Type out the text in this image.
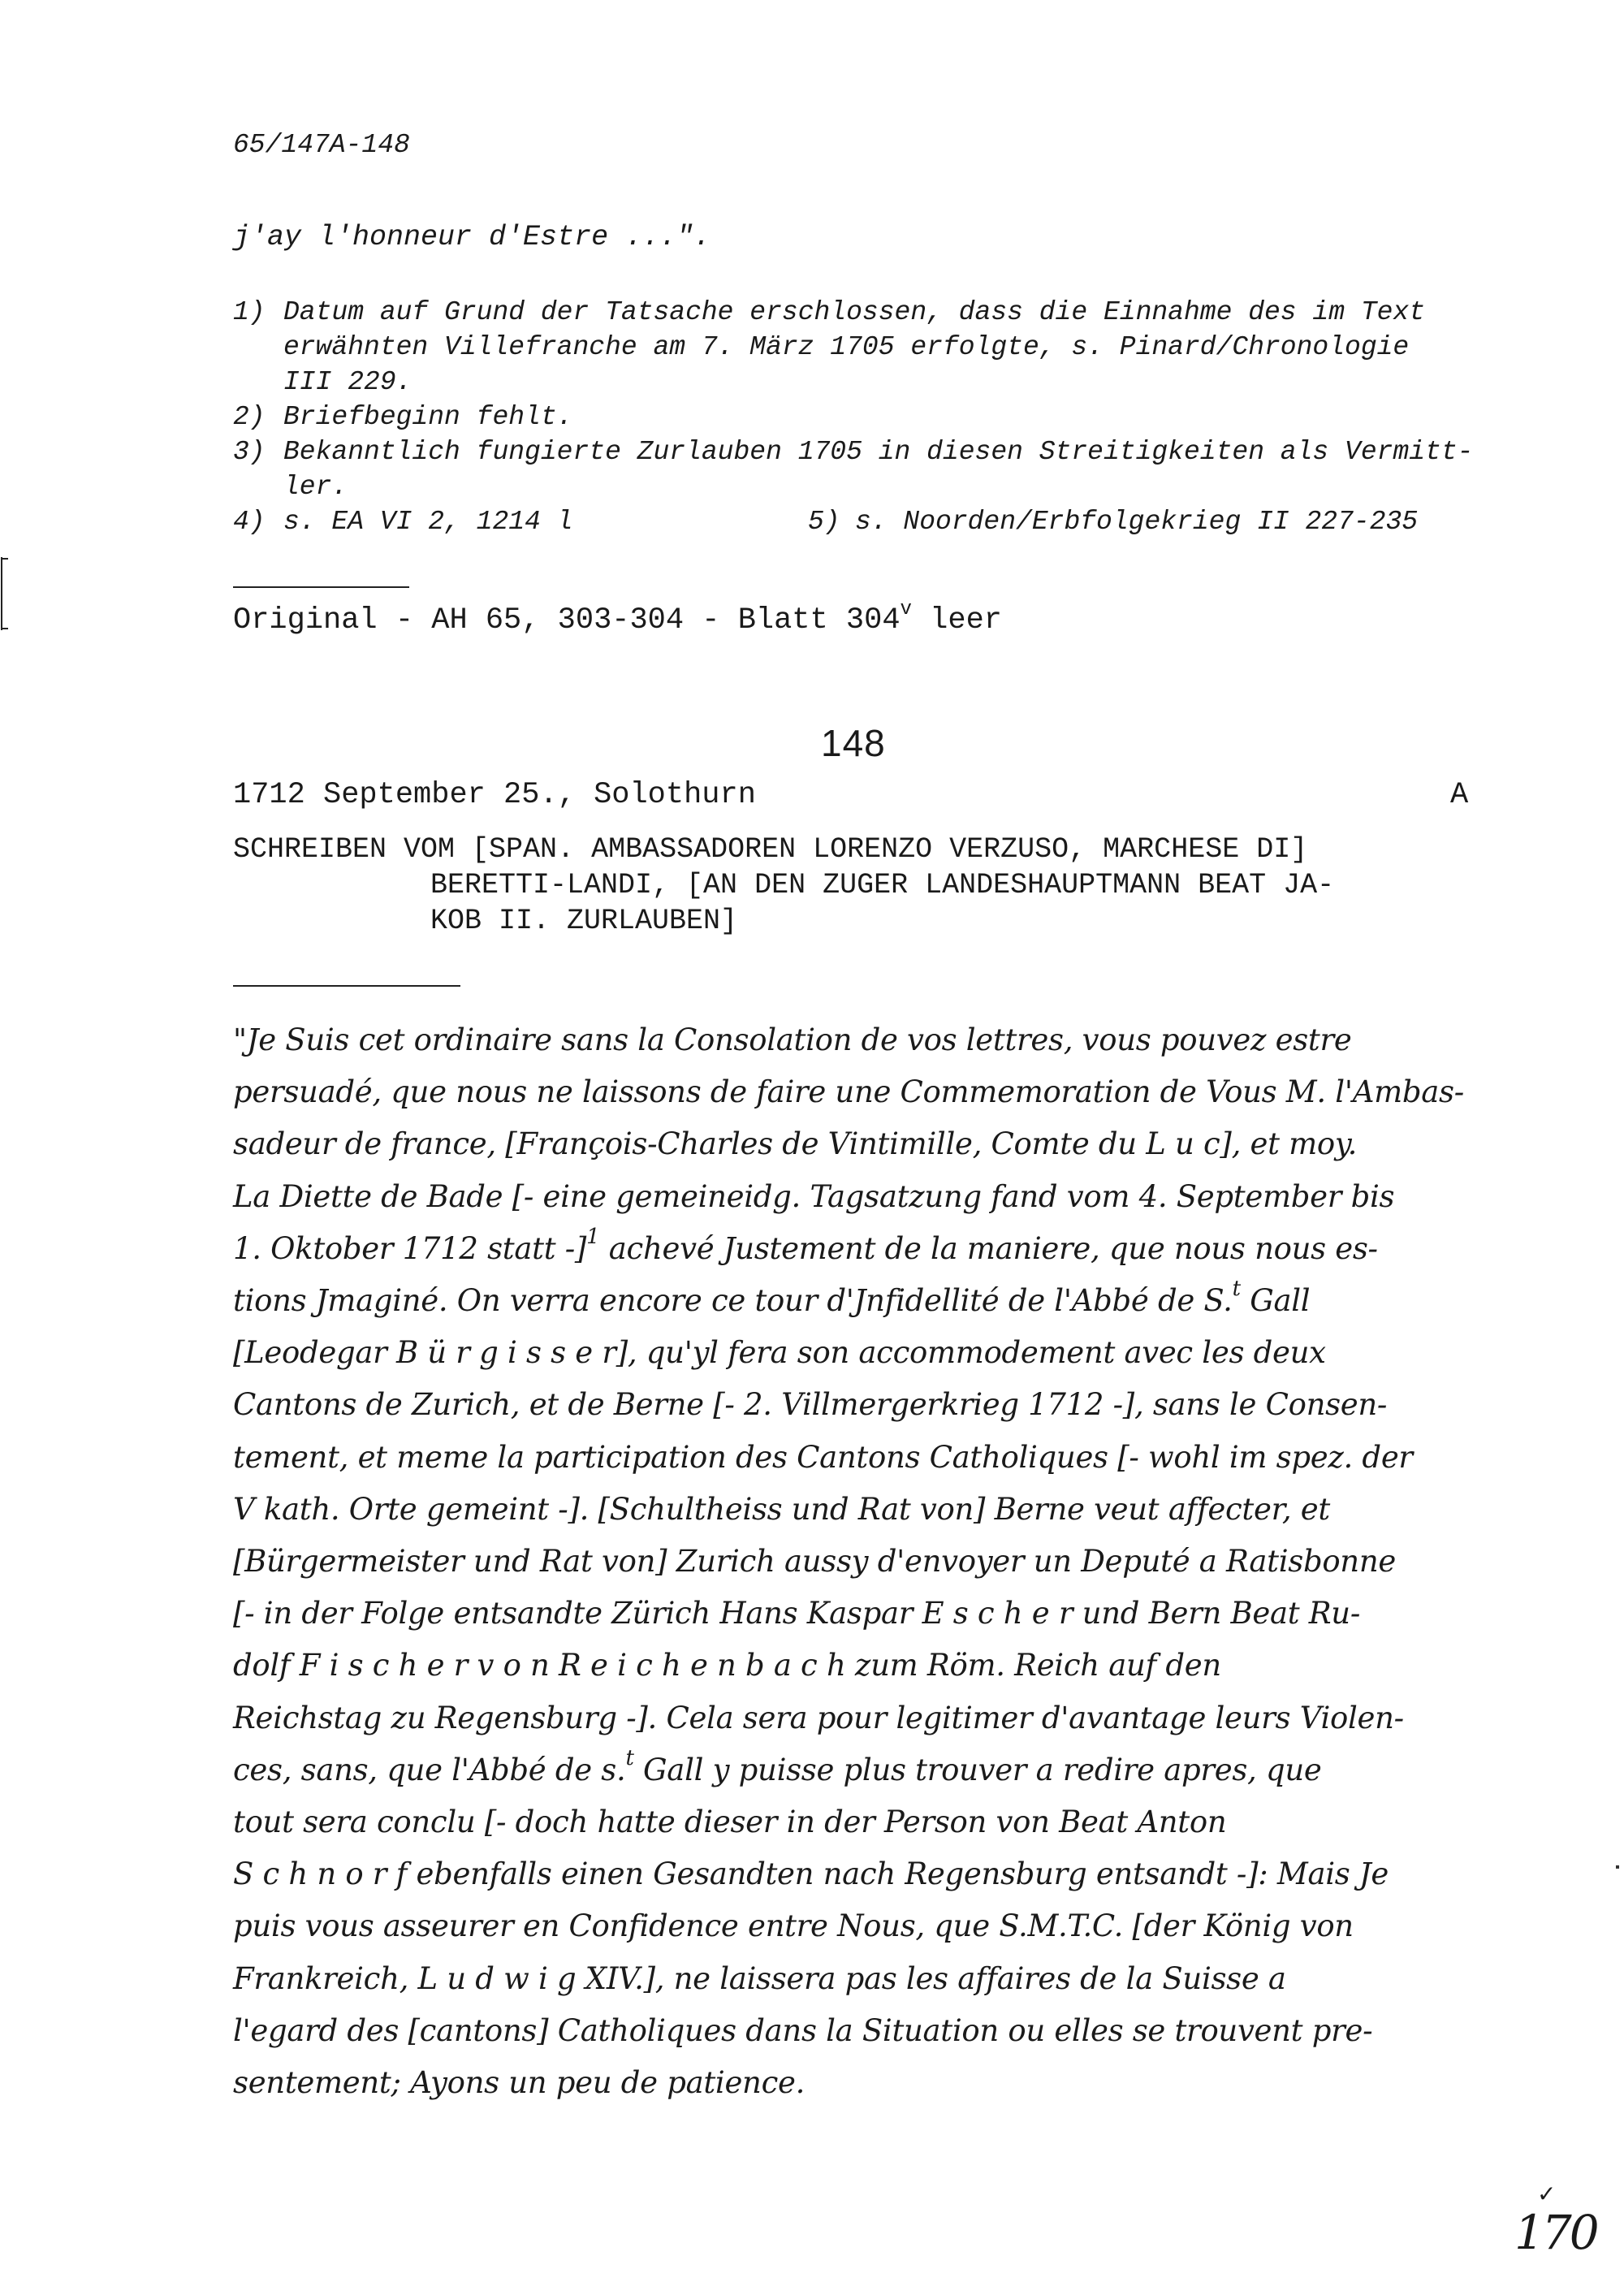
65/147A-148
j'ay l'honneur d'Estre ...".
1) Datum auf Grund der Tatsache erschlossen, dass die Einnahme des im Text
erwähnten Villefranche am 7. März 1705 erfolgte, s. Pinard/Chronologie
III 229.
2) Briefbeginn fehlt.
3) Bekanntlich fungierte Zurlauben 1705 in diesen Streitigkeiten als Vermitt-
ler.
4) s. EA VI 2, 1214 l	5) s. Noorden/Erbfolgekrieg II 227-235
Original - AH 65, 303-304 - Blatt 304$^v$ leer
148
1712 September 25., Solothurn	A
SCHREIBEN VOM [SPAN. AMBASSADOREN LORENZO VERZUSO, MARCHESE DI]
BERETTI-LANDI, [AN DEN ZUGER LANDESHAUPTMANN BEAT JA-
KOB II. ZURLAUBEN]
"Je Suis cet ordinaire sans la Consolation de vos lettres, vous pouvez estre
persuadé, que nous ne laissons de faire une Commemoration de Vous M. l'Ambas-
sadeur de france, [François-Charles de Vintimille, Comte du L u c], et moy.
La Diette de Bade [- eine gemeineidg. Tagsatzung fand vom 4. September bis
1. Oktober 1712 statt -]$^1$ achevé Justement de la maniere, que nous nous es-
tions Jmaginé. On verra encore ce tour d'Jnfidellité de l'Abbé de S.$^t$ Gall
[Leodegar B ü r g i s s e r], qu'yl fera son accommodement avec les deux
Cantons de Zurich, et de Berne [- 2. Villmergerkrieg 1712 -], sans le Consen-
tement, et meme la participation des Cantons Catholiques [- wohl im spez. der
V kath. Orte gemeint -]. [Schultheiss und Rat von] Berne veut affecter, et
[Bürgermeister und Rat von] Zurich aussy d'envoyer un Deputé a Ratisbonne
[- in der Folge entsandte Zürich Hans Kaspar E s c h e r und Bern Beat Ru-
dolf F i s c h e r v o n R e i c h e n b a c h zum Röm. Reich auf den
Reichstag zu Regensburg -]. Cela sera pour legitimer d'avantage leurs Violen-
ces, sans, que l'Abbé de s.$^t$ Gall y puisse plus trouver a redire apres, que
tout sera conclu [- doch hatte dieser in der Person von Beat Anton
S c h n o r f ebenfalls einen Gesandten nach Regensburg entsandt -]: Mais Je
puis vous asseurer en Confidence entre Nous, que S.M.T.C. [der König von
Frankreich, L u d w i g XIV.], ne laissera pas les affaires de la Suisse a
l'egard des [cantons] Catholiques dans la Situation ou elles se trouvent pre-
sentement; Ayons un peu de patience.
✓
170
